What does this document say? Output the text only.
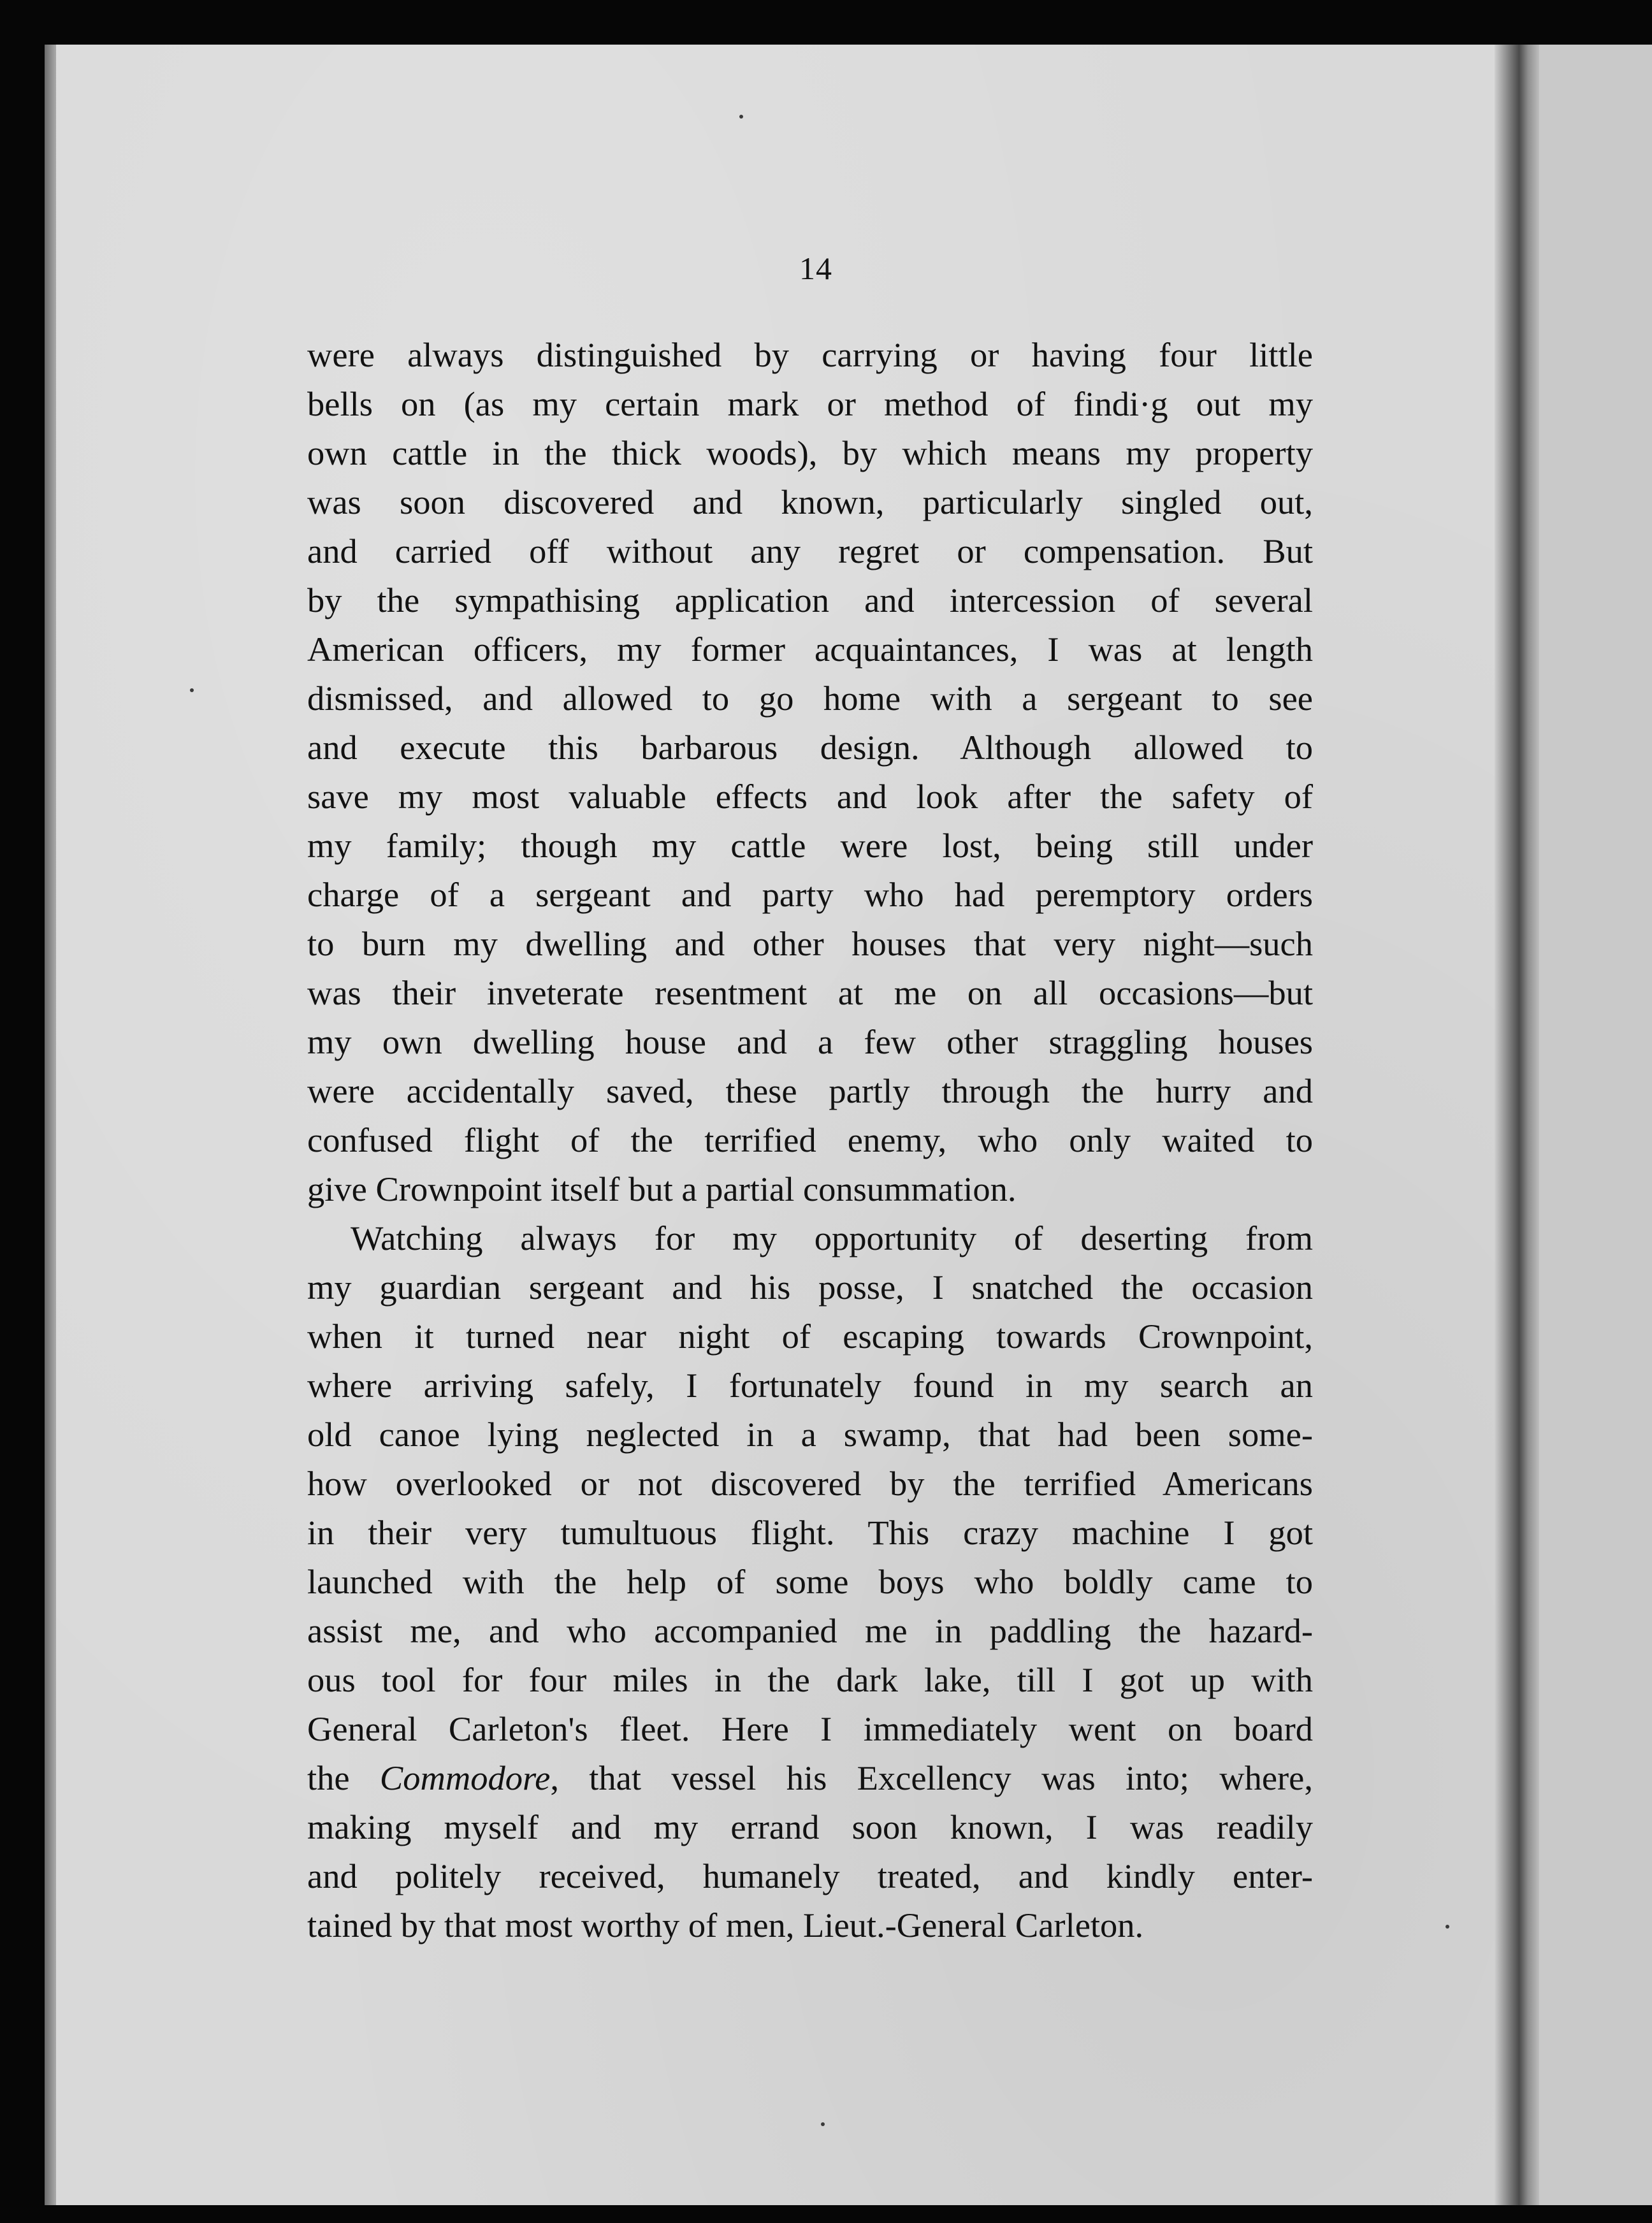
14
were always distinguished by carrying or having four little
bells on (as my certain mark or method of findi·g out my
own cattle in the thick woods), by which means my property
was soon discovered and known, particularly singled out,
and carried off without any regret or compensation. But
by the sympathising application and intercession of several
American officers, my former acquaintances, I was at length
dismissed, and allowed to go home with a sergeant to see
and execute this barbarous design. Although allowed to
save my most valuable effects and look after the safety of
my family; though my cattle were lost, being still under
charge of a sergeant and party who had peremptory orders
to burn my dwelling and other houses that very night—such
was their inveterate resentment at me on all occasions—but
my own dwelling house and a few other straggling houses
were accidentally saved, these partly through the hurry and
confused flight of the terrified enemy, who only waited to
give Crownpoint itself but a partial consummation.
Watching always for my opportunity of deserting from
my guardian sergeant and his posse, I snatched the occasion
when it turned near night of escaping towards Crownpoint,
where arriving safely, I fortunately found in my search an
old canoe lying neglected in a swamp, that had been some-
how overlooked or not discovered by the terrified Americans
in their very tumultuous flight. This crazy machine I got
launched with the help of some boys who boldly came to
assist me, and who accompanied me in paddling the hazard-
ous tool for four miles in the dark lake, till I got up with
General Carleton's fleet. Here I immediately went on board
the Commodore, that vessel his Excellency was into; where,
making myself and my errand soon known, I was readily
and politely received, humanely treated, and kindly enter-
tained by that most worthy of men, Lieut.-General Carleton.
